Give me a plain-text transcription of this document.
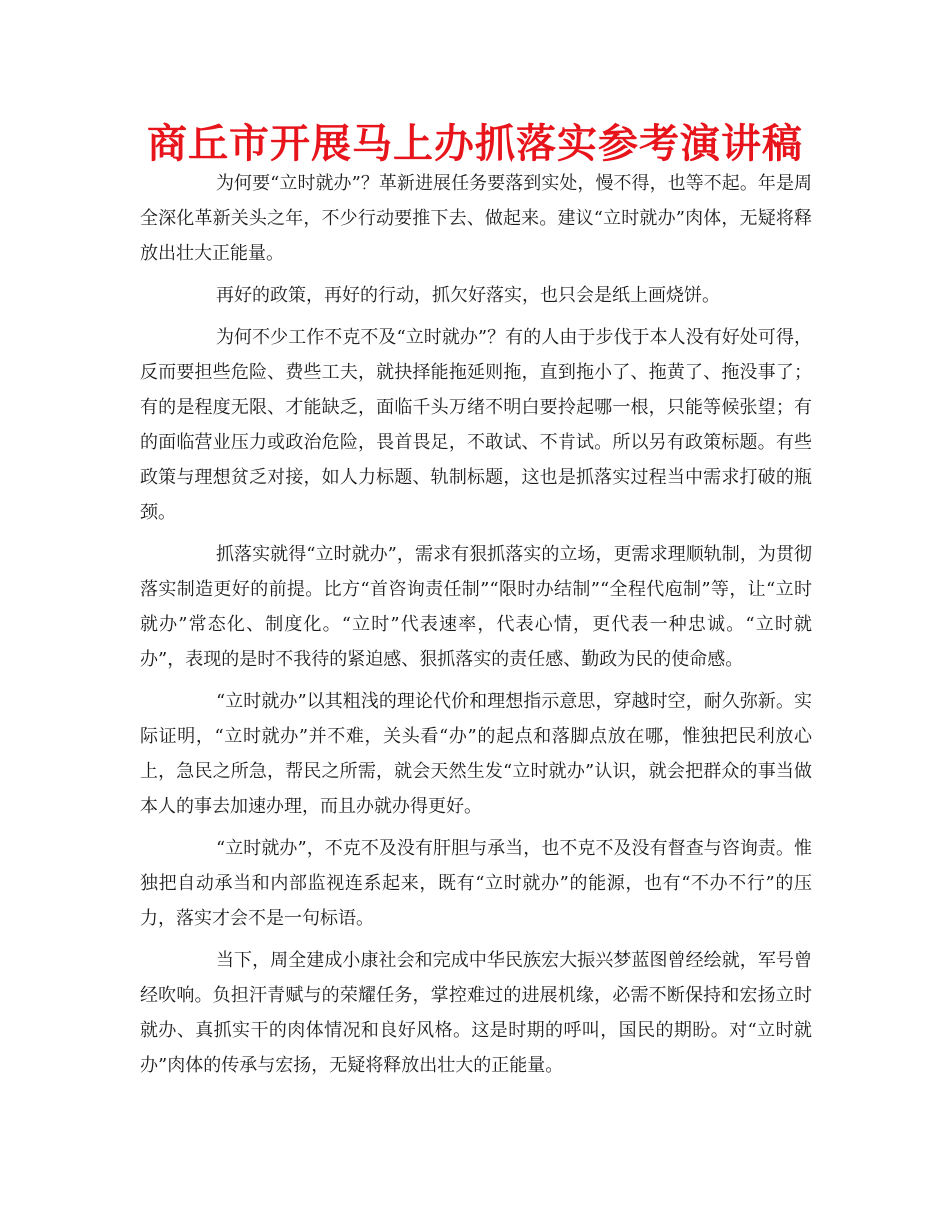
商丘市开展马上办抓落实参考演讲稿

为何要“立时就办”？革新进展任务要落到实处，慢不得，也等不起。年是周全深化革新关头之年，不少行动要推下去、做起来。建议“立时就办”肉体，无疑将释放出壮大正能量。

再好的政策，再好的行动，抓欠好落实，也只会是纸上画烧饼。

为何不少工作不克不及“立时就办”？有的人由于步伐于本人没有好处可得，反而要担些危险、费些工夫，就抉择能拖延则拖，直到拖小了、拖黄了、拖没事了；有的是程度无限、才能缺乏，面临千头万绪不明白要拎起哪一根，只能等候张望；有的面临营业压力或政治危险，畏首畏足，不敢试、不肯试。所以另有政策标题。有些政策与理想贫乏对接，如人力标题、轨制标题，这也是抓落实过程当中需求打破的瓶颈。

抓落实就得“立时就办”，需求有狠抓落实的立场，更需求理顺轨制，为贯彻落实制造更好的前提。比方“首咨询责任制”“限时办结制”“全程代庖制”等，让“立时就办”常态化、制度化。“立时”代表速率，代表心情，更代表一种忠诚。“立时就办”，表现的是时不我待的紧迫感、狠抓落实的责任感、勤政为民的使命感。

“立时就办”以其粗浅的理论代价和理想指示意思，穿越时空，耐久弥新。实际证明，“立时就办”并不难，关头看“办”的起点和落脚点放在哪，惟独把民利放心上，急民之所急，帮民之所需，就会天然生发“立时就办”认识，就会把群众的事当做本人的事去加速办理，而且办就办得更好。

“立时就办”，不克不及没有肝胆与承当，也不克不及没有督查与咨询责。惟独把自动承当和内部监视连系起来，既有“立时就办”的能源，也有“不办不行”的压力，落实才会不是一句标语。

当下，周全建成小康社会和完成中华民族宏大振兴梦蓝图曾经绘就，军号曾经吹响。负担汗青赋与的荣耀任务，掌控难过的进展机缘，必需不断保持和宏扬立时就办、真抓实干的肉体情况和良好风格。这是时期的呼叫，国民的期盼。对“立时就办”肉体的传承与宏扬，无疑将释放出壮大的正能量。
